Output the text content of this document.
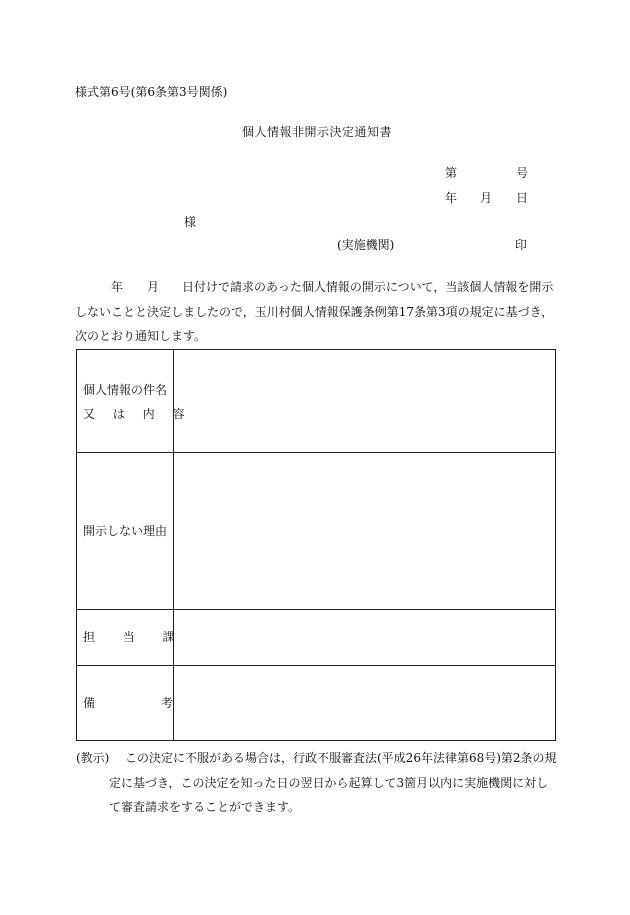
様式第6号(第6条第3号関係)
個人情報非開示決定通知書
第	号
年 月 日
様
(実施機関)	印
年 月 日付けで請求のあった個人情報の開示について，当該個人情報を開示
しないことと決定しましたので，玉川村個人情報保護条例第17条第3項の規定に基づき，
次のとおり通知します。
個人情報の件名
又 は 内 容
開示しない理由
担 当 課
備 考
(教示) この決定に不服がある場合は，行政不服審査法(平成26年法律第68号)第2条の規
定に基づき，この決定を知った日の翌日から起算して3箇月以内に実施機関に対し
て審査請求をすることができます。
